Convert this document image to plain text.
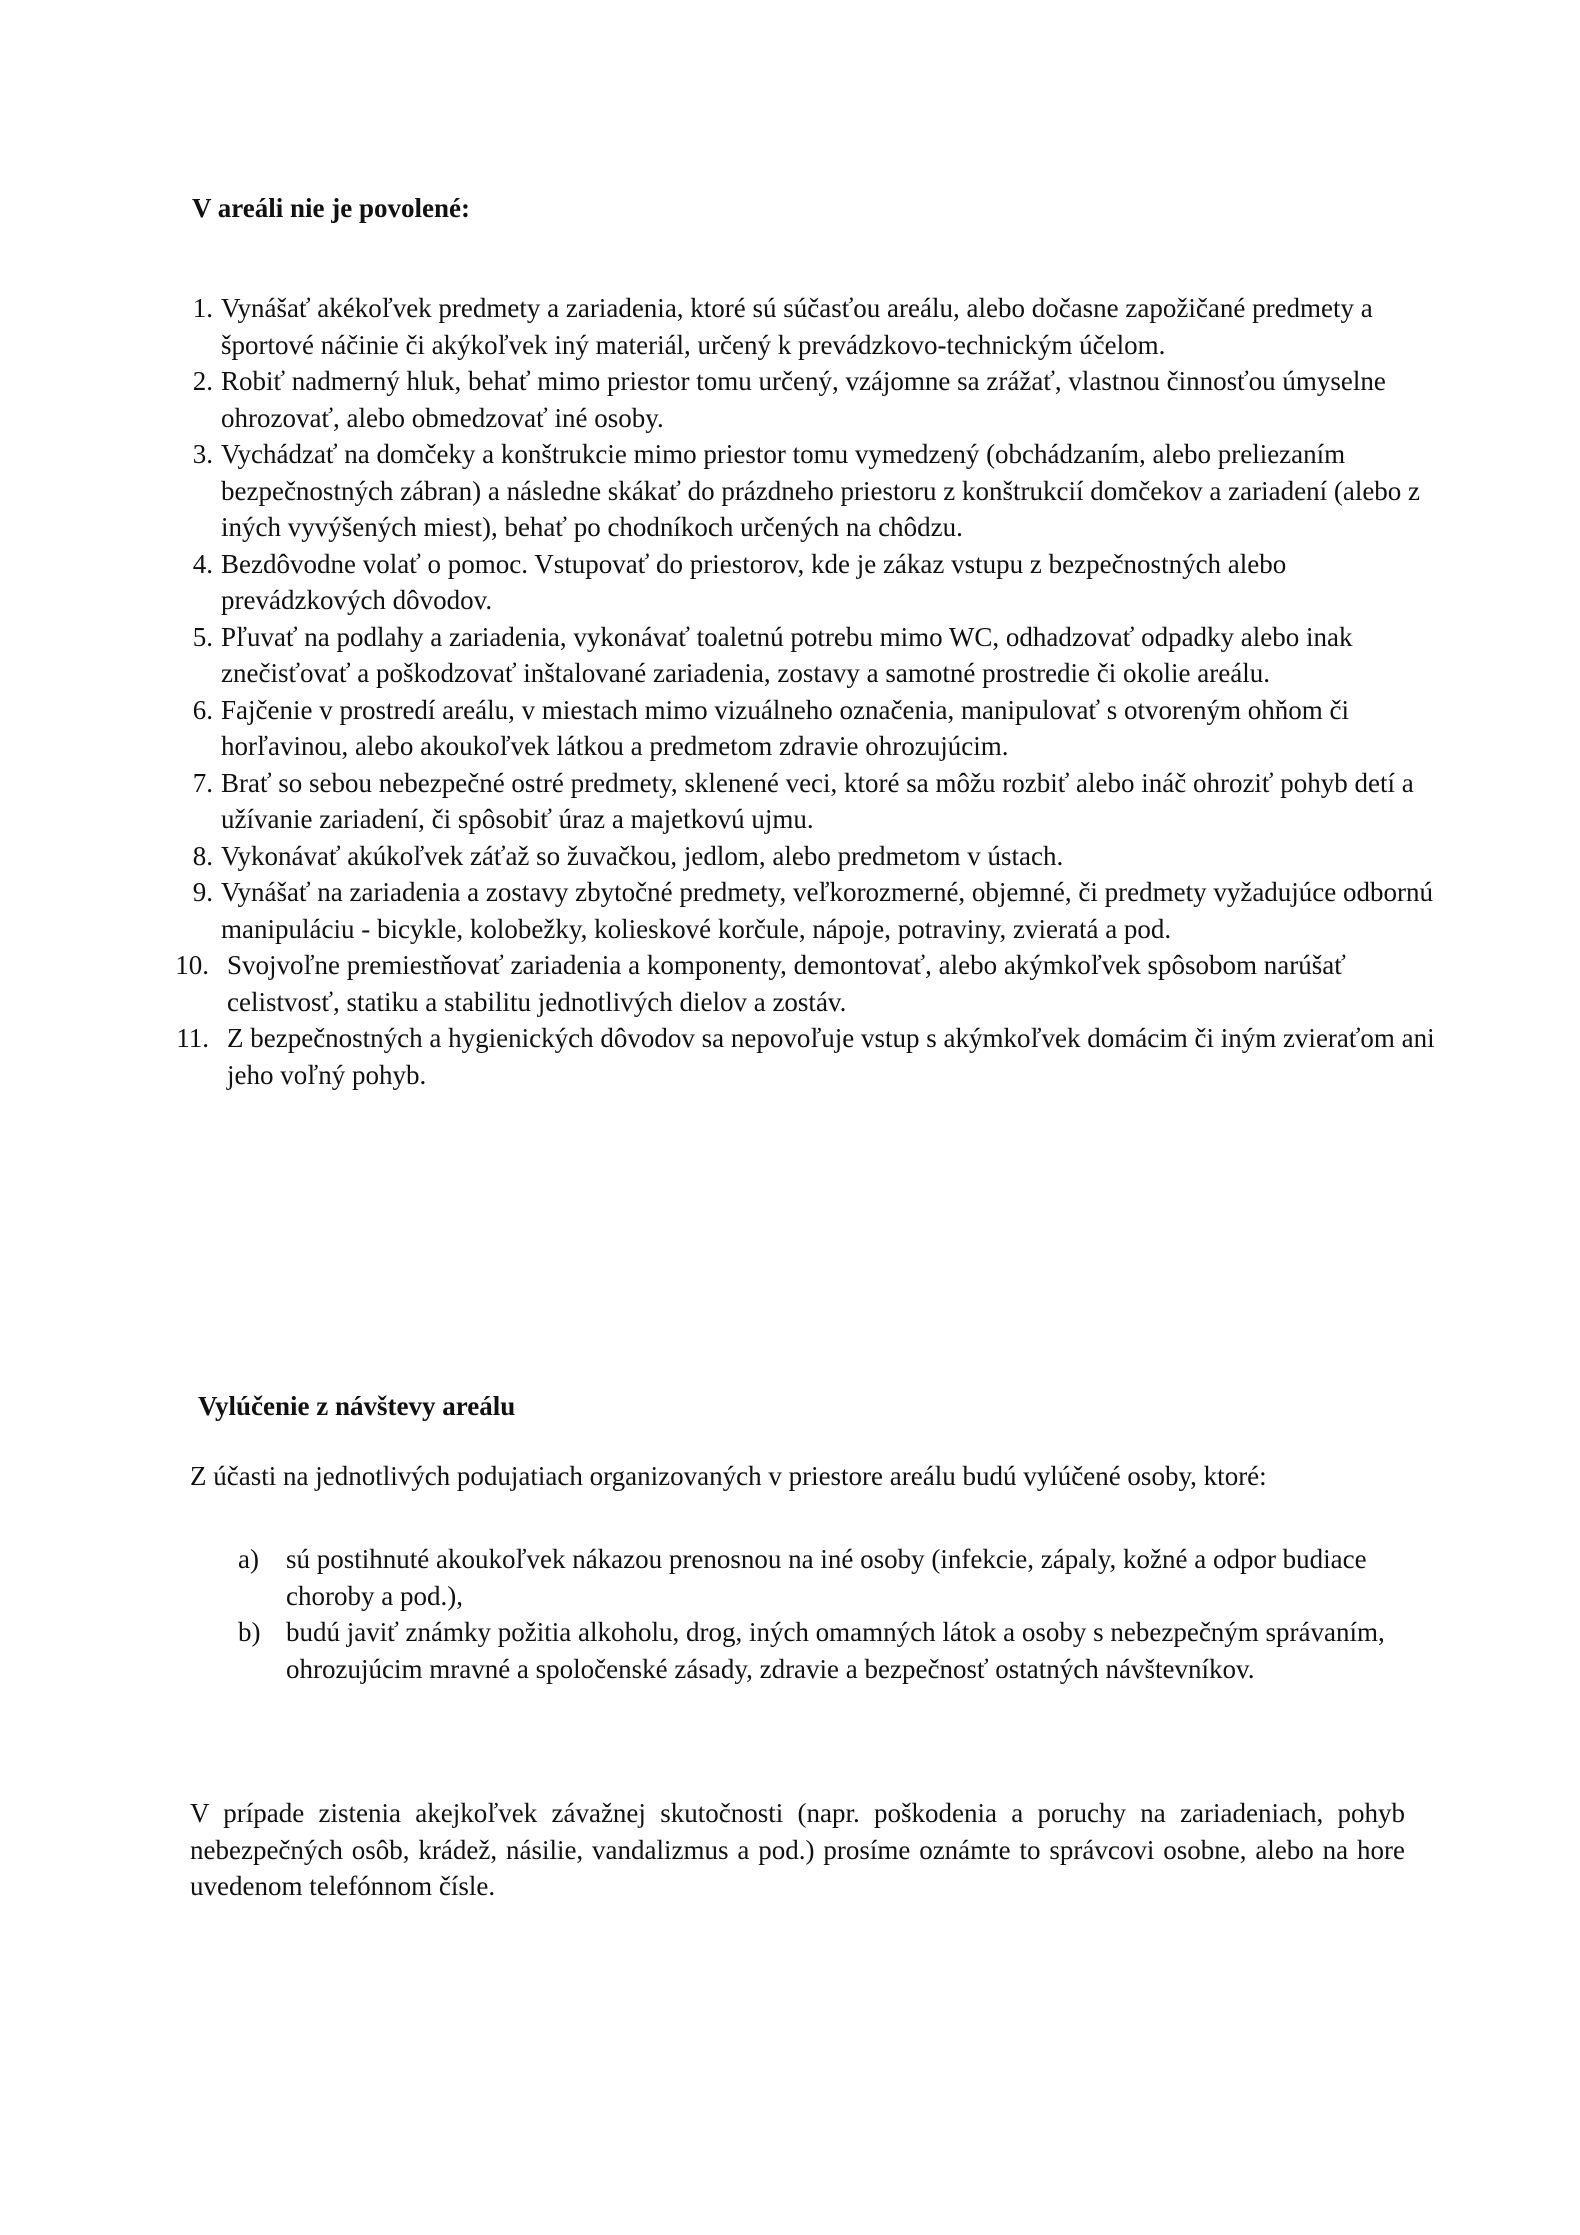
V areáli nie je povolené:
1. Vynášať akékoľvek predmety a zariadenia, ktoré sú súčasťou areálu, alebo dočasne zapožičané predmety a športové náčinie či akýkoľvek iný materiál, určený k prevádzkovo-technickým účelom.
2. Robiť nadmerný hluk, behať mimo priestor tomu určený, vzájomne sa zrážať, vlastnou činnosťou úmyselne ohrozovať, alebo obmedzovať iné osoby.
3. Vychádzať na domčeky a konštrukcie mimo priestor tomu vymedzený (obchádzaním, alebo preliezaním bezpečnostných zábran) a následne skákať do prázdneho priestoru z konštrukcií domčekov a zariadení (alebo z iných vyvýšených miest), behať po chodníkoch určených na chôdzu.
4. Bezdôvodne volať o pomoc. Vstupovať do priestorov, kde je zákaz vstupu z bezpečnostných alebo prevádzkových dôvodov.
5. Pľuvať na podlahy a zariadenia, vykonávať toaletnú potrebu mimo WC, odhadzovať odpadky alebo inak znečisťovať a poškodzovať inštalované zariadenia, zostavy a samotné prostredie či okolie areálu.
6. Fajčenie v prostredí areálu, v miestach mimo vizuálneho označenia, manipulovať s otvoreným ohňom či horľavinou, alebo akoukoľvek látkou a predmetom zdravie ohrozujúcim.
7. Brať so sebou nebezpečné ostré predmety, sklenené veci, ktoré sa môžu rozbiť alebo ináč ohroziť pohyb detí a užívanie zariadení, či spôsobiť úraz a majetkovú ujmu.
8. Vykonávať akúkoľvek záťaž so žuvačkou, jedlom, alebo predmetom v ústach.
9. Vynášať na zariadenia a zostavy zbytočné predmety, veľkorozmerné, objemné, či predmety vyžadujúce odbornú manipuláciu - bicykle, kolobežky, kolieskové korčule, nápoje, potraviny, zvieratá a pod.
10. Svojvoľne premiestňovať zariadenia a komponenty, demontovať, alebo akýmkoľvek spôsobom narúšať celistvosť, statiku a stabilitu jednotlivých dielov a zostáv.
11. Z bezpečnostných a hygienických dôvodov sa nepovoľuje vstup s akýmkoľvek domácim či iným zvieraťom ani jeho voľný pohyb.
Vylúčenie z návštevy areálu

Z účasti na jednotlivých podujatiach organizovaných v priestore areálu budú vylúčené osoby, ktoré:

a) sú postihnuté akoukoľvek nákazou prenosnou na iné osoby (infekcie, zápaly, kožné a odpor budiace choroby a pod.),
b) budú javiť známky požitia alkoholu, drog, iných omamných látok a osoby s nebezpečným správaním, ohrozujúcim mravné a spoločenské zásady, zdravie a bezpečnosť ostatných návštevníkov.

V prípade zistenia akejkoľvek závažnej skutočnosti (napr. poškodenia a poruchy na zariadeniach, pohyb nebezpečných osôb, krádež, násilie, vandalizmus a pod.) prosíme oznámte to správcovi osobne, alebo na hore uvedenom telefónnom čísle.
